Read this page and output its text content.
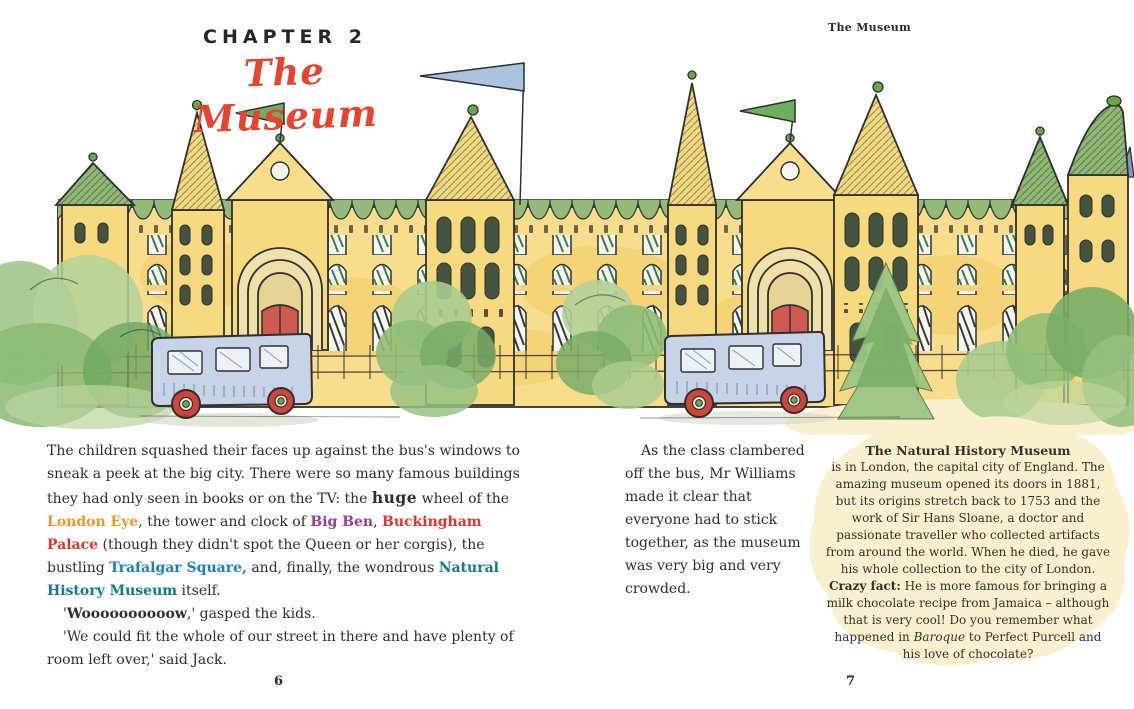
The Museum
CHAPTER 2
The Museum

The children squashed their faces up against the bus's windows to sneak a peek at the big city. There were so many famous buildings they had only seen in books or on the TV: the huge wheel of the London Eye, the tower and clock of Big Ben, Buckingham Palace (though they didn't spot the Queen or her corgis), the bustling Trafalgar Square, and, finally, the wondrous Natural History Museum itself.

'Woooooooooow,' gasped the kids.

'We could fit the whole of our street in there and have plenty of room left over,' said Jack.

As the class clambered off the bus, Mr Williams made it clear that everyone had to stick together, as the museum was very big and very crowded.

The Natural History Museum

is in London, the capital city of England. The amazing museum opened its doors in 1881, but its origins stretch back to 1753 and the work of Sir Hans Sloane, a doctor and passionate traveller who collected artifacts from around the world. When he died, he gave his whole collection to the city of London. Crazy fact: He is more famous for bringing a milk chocolate recipe from Jamaica – although that is very cool! Do you remember what happened in Baroque to Perfect Purcell and his love of chocolate?

6	7
